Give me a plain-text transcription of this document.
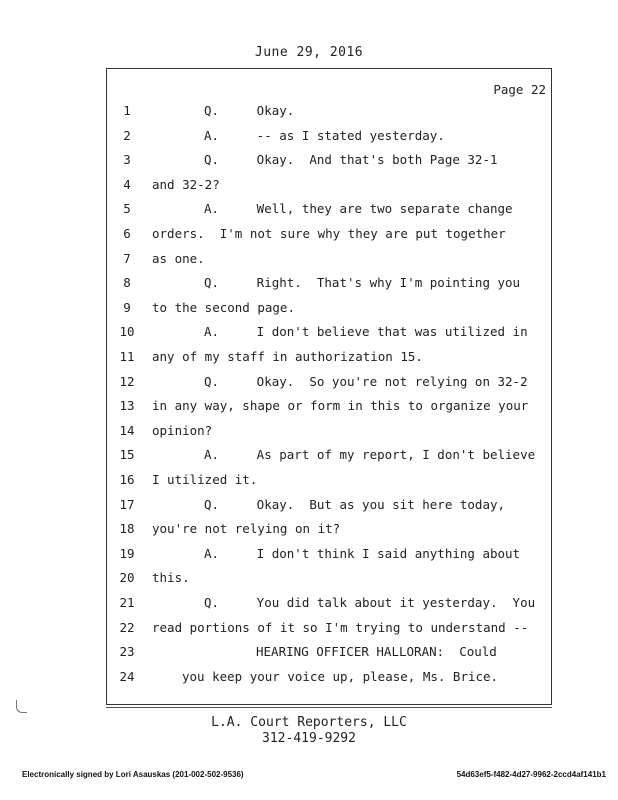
June 29, 2016
Page 22
1	Q.     Okay.
2	A.     -- as I stated yesterday.
3	Q.     Okay.  And that's both Page 32-1
4	and 32-2?
5	A.     Well, they are two separate change
6	orders.  I'm not sure why they are put together
7	as one.
8	Q.     Right.  That's why I'm pointing you
9	to the second page.
10	A.     I don't believe that was utilized in
11	any of my staff in authorization 15.
12	Q.     Okay.  So you're not relying on 32-2
13	in any way, shape or form in this to organize your
14	opinion?
15	A.     As part of my report, I don't believe
16	I utilized it.
17	Q.     Okay.  But as you sit here today,
18	you're not relying on it?
19	A.     I don't think I said anything about
20	this.
21	Q.     You did talk about it yesterday.  You
22	read portions of it so I'm trying to understand --
23	HEARING OFFICER HALLORAN:  Could
24	you keep your voice up, please, Ms. Brice.
L.A. Court Reporters, LLC
312-419-9292
Electronically signed by Lori Asauskas (201-002-502-9536)	54d63ef5-f482-4d27-9962-2ccd4af141b1
